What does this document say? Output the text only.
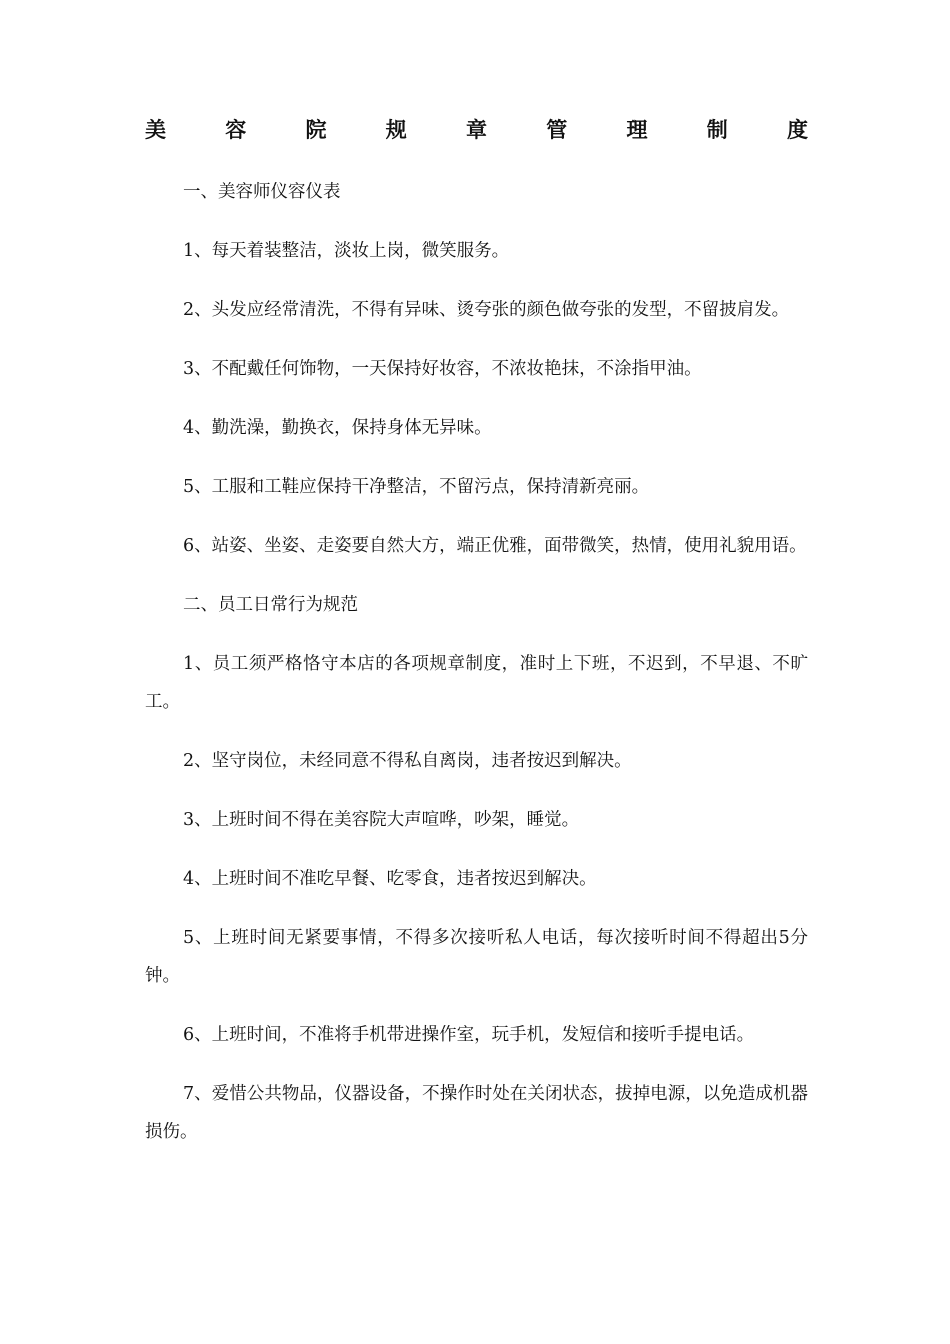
美	容	院	规	章	管	理	制	度

一、美容师仪容仪表

1、每天着装整洁，淡妆上岗，微笑服务。

2、头发应经常清洗，不得有异味、烫夸张的颜色做夸张的发型，不留披肩发。

3、不配戴任何饰物，一天保持好妆容，不浓妆艳抹，不涂指甲油。

4、勤洗澡，勤换衣，保持身体无异味。

5、工服和工鞋应保持干净整洁，不留污点，保持清新亮丽。

6、站姿、坐姿、走姿要自然大方，端正优雅，面带微笑，热情，使用礼貌用语。

二、员工日常行为规范

1、员工须严格恪守本店的各项规章制度，准时上下班，不迟到，不早退、不旷工。

2、坚守岗位，未经同意不得私自离岗，违者按迟到解决。

3、上班时间不得在美容院大声喧哗，吵架，睡觉。

4、上班时间不准吃早餐、吃零食，违者按迟到解决。

5、上班时间无紧要事情，不得多次接听私人电话，每次接听时间不得超出5分钟。

6、上班时间，不准将手机带进操作室，玩手机，发短信和接听手提电话。

7、爱惜公共物品，仪器设备，不操作时处在关闭状态，拔掉电源，以免造成机器损伤。
